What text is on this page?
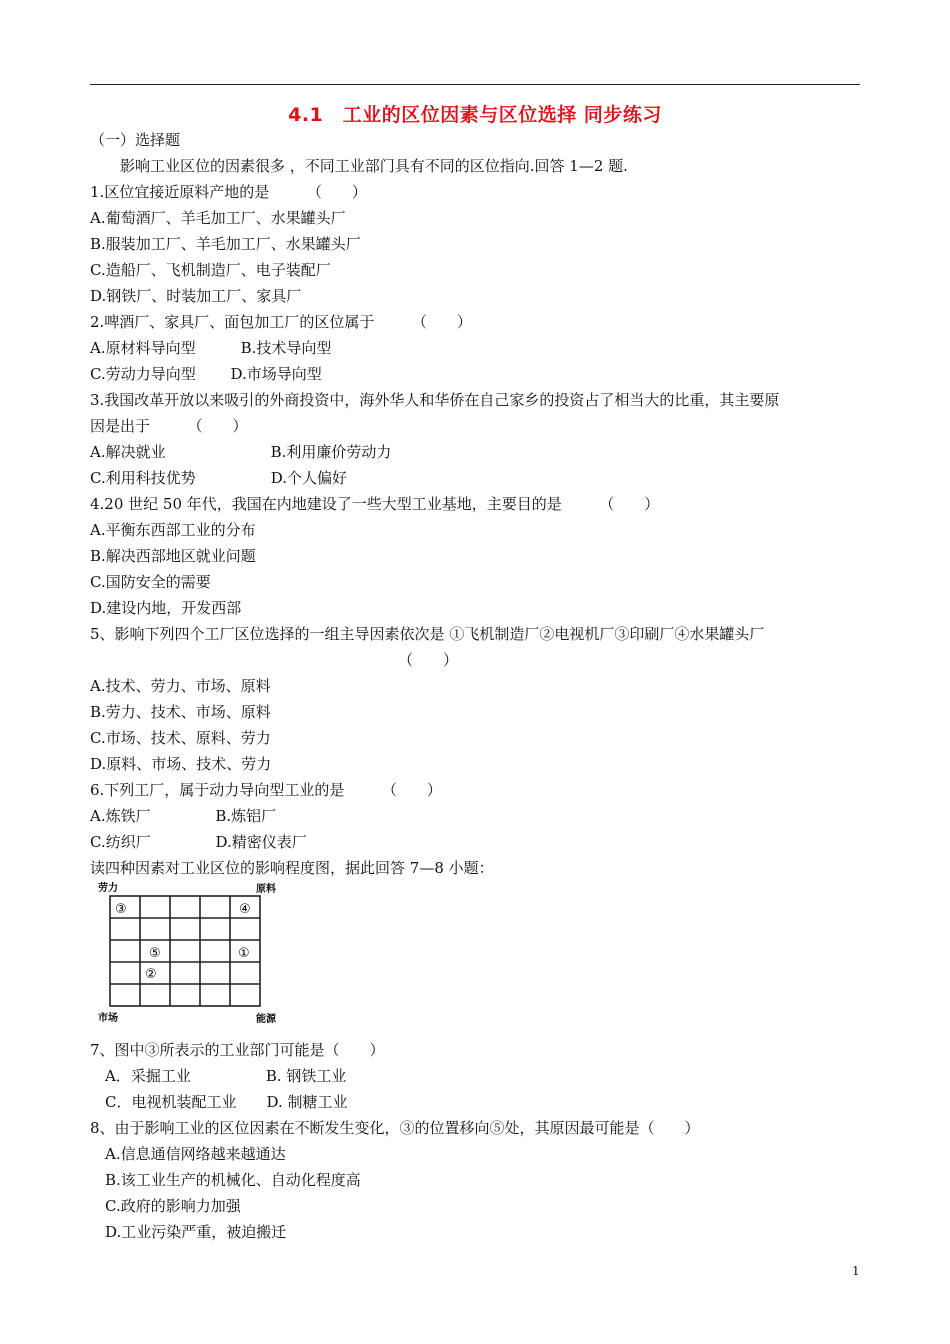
4.1　工业的区位因素与区位选择 同步练习
（一）选择题
影响工业区位的因素很多 ，不同工业部门具有不同的区位指向.回答 1—2 题.
1.区位宜接近原料产地的是　　　（　　）
A.葡萄酒厂、羊毛加工厂、水果罐头厂
B.服装加工厂、羊毛加工厂、水果罐头厂
C.造船厂、飞机制造厂、电子装配厂
D.钢铁厂、时装加工厂、家具厂
2.啤酒厂、家具厂、面包加工厂的区位属于　　　（　　）
A.原材料导向型　　　B.技术导向型
C.劳动力导向型　　 D.市场导向型
3.我国改革开放以来吸引的外商投资中，海外华人和华侨在自己家乡的投资占了相当大的比重，其主要原
因是出于　　　（　　）
A.解决就业　　　　　　　B.利用廉价劳动力
C.利用科技优势　　　　　D.个人偏好
4.20 世纪 50 年代，我国在内地建设了一些大型工业基地，主要目的是　　　（　　）
A.平衡东西部工业的分布
B.解决西部地区就业问题
C.国防安全的需要
D.建设内地，开发西部
5、影响下列四个工厂区位选择的一组主导因素依次是 ①飞机制造厂②电视机厂③印刷厂④水果罐头厂
（　　）
A.技术、劳力、市场、原料
B.劳力、技术、市场、原料
C.市场、技术、原料、劳力
D.原料、市场、技术、劳力
6.下列工厂，属于动力导向型工业的是　　　（　　）
A.炼铁厂　　　　 B.炼铝厂
C.纺织厂　　　　 D.精密仪表厂
读四种因素对工业区位的影响程度图，据此回答 7—8 小题：
劳力	原料
市场	能源
③	④
⑤	①
②
7、图中③所表示的工业部门可能是（　　）
　A．采掘工业　　　　　B. 钢铁工业
　C．电视机装配工业　　D. 制糖工业
8、由于影响工业的区位因素在不断发生变化，③的位置移向⑤处，其原因最可能是（　　）
　A.信息通信网络越来越通达
　B.该工业生产的机械化、自动化程度高
　C.政府的影响力加强
　D.工业污染严重，被迫搬迁
1
